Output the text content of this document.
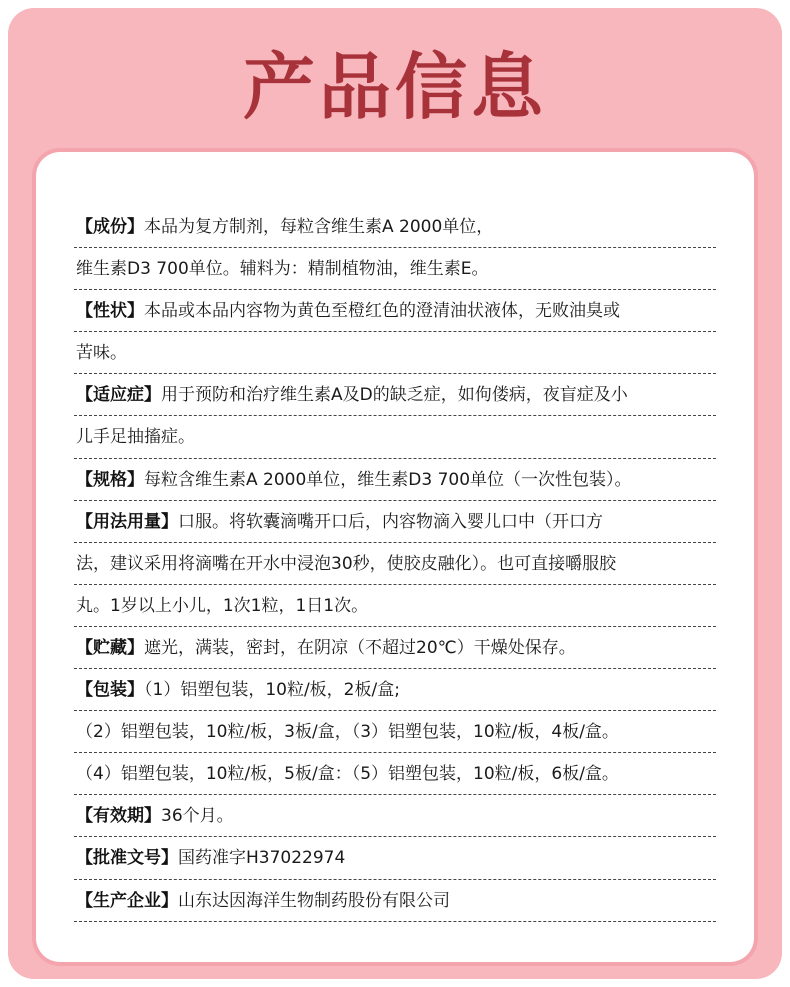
产品信息
【成份】本品为复方制剂，每粒含维生素A 2000单位，
维生素D3 700单位。辅料为：精制植物油，维生素E。
【性状】本品或本品内容物为黄色至橙红色的澄清油状液体，无败油臭或
苦味。
【适应症】用于预防和治疗维生素A及D的缺乏症，如佝偻病，夜盲症及小
儿手足抽搐症。
【规格】每粒含维生素A 2000单位，维生素D3 700单位（一次性包装）。
【用法用量】口服。将软囊滴嘴开口后，内容物滴入婴儿口中（开口方
法，建议采用将滴嘴在开水中浸泡30秒，使胶皮融化）。也可直接嚼服胶
丸。1岁以上小儿，1次1粒，1日1次。
【贮藏】遮光，满装，密封，在阴凉（不超过20℃）干燥处保存。
【包装】（1）铝塑包装，10粒/板，2板/盒;
（2）铝塑包装，10粒/板，3板/盒，（3）铝塑包装，10粒/板，4板/盒。
（4）铝塑包装，10粒/板，5板/盒：（5）铝塑包装，10粒/板，6板/盒。
【有效期】36个月。
【批准文号】国药准字H37022974
【生产企业】山东达因海洋生物制药股份有限公司
